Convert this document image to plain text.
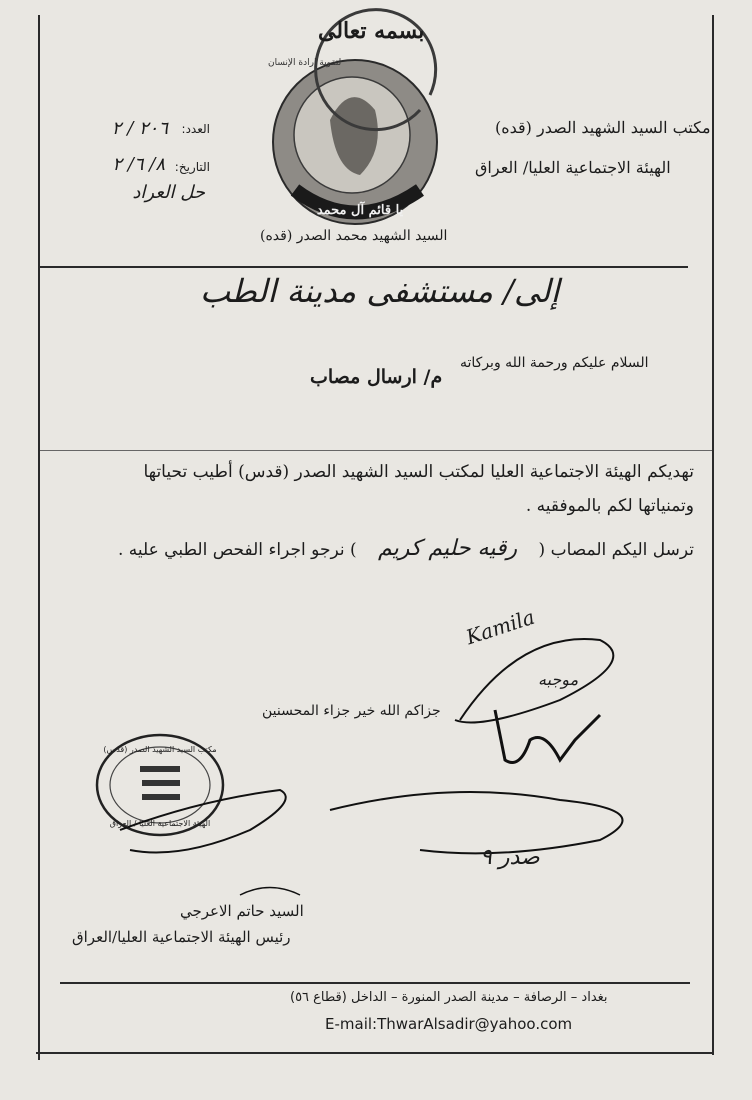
يا قائم آل محمد
مكتب السيد الشهيد الصدر (قدس)
الهيئة الاجتماعية العليا / العراق
بسمه تعالى
مكتب السيد الشهيد الصدر (قده)
الهيئة الاجتماعية العليا/ العراق
السيد الشهيد محمد الصدر (قده)
لتقوية إرادة الإنسان
العدد:
٢٠٦ / ٢
التاريخ:
٨/ ٦/ ٢
حل العراد
إلى/ مستشفى مدينة الطب
السلام عليكم ورحمة الله وبركاته
م/ ارسال مصاب
تهديكم الهيئة الاجتماعية العليا لمكتب السيد الشهيد الصدر (قدس) أطيب تحياتها
وتمنياتها لكم بالموفقيه .
ترسل اليكم المصاب ( رقيه حليم كريم ) نرجو اجراء الفحص الطبي عليه .
Kamila
موجبه
صدر ٩
جزاكم الله خير جزاء المحسنين
السيد حاتم الاعرجي
رئيس الهيئة الاجتماعية العليا/العراق
بغداد – الرصافة – مدينة الصدر المنورة – الداخل (قطاع ٥٦)
E-mail:ThwarAlsadir@yahoo.com
